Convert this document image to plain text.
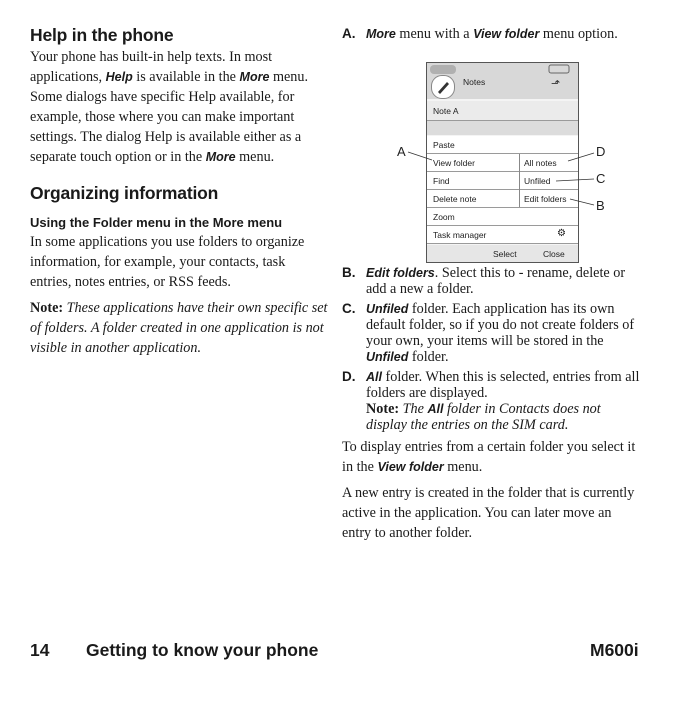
Help in the phone

Your phone has built-in help texts. In most applications, Help is available in the More menu. Some dialogs have specific Help available, for example, those where you can make important settings. The dialog Help is available either as a separate touch option or in the More menu.

Organizing information

Using the Folder menu in the More menu

In some applications you use folders to organize information, for example, your contacts, task entries, notes entries, or RSS feeds.

Note: These applications have their own specific set of folders. A folder created in one application is not visible in another application.

A. More menu with a View folder menu option.

Notes	⬏
Note A
Paste
View folder
Find
Delete note
Zoom
Task manager	⚙
All notes
Unfiled
Edit folders
Select	Close
A	D
C
B

B. Edit folders. Select this to - rename, delete or add a new a folder.

C. Unfiled folder. Each application has its own default folder, so if you do not create folders of your own, your items will be stored in the Unfiled folder.

D. All folder. When this is selected, entries from all folders are displayed.
Note: The All folder in Contacts does not display the entries on the SIM card.

To display entries from a certain folder you select it in the View folder menu.

A new entry is created in the folder that is currently active in the application. You can later move an entry to another folder.

14 Getting to know your phone	M600i
